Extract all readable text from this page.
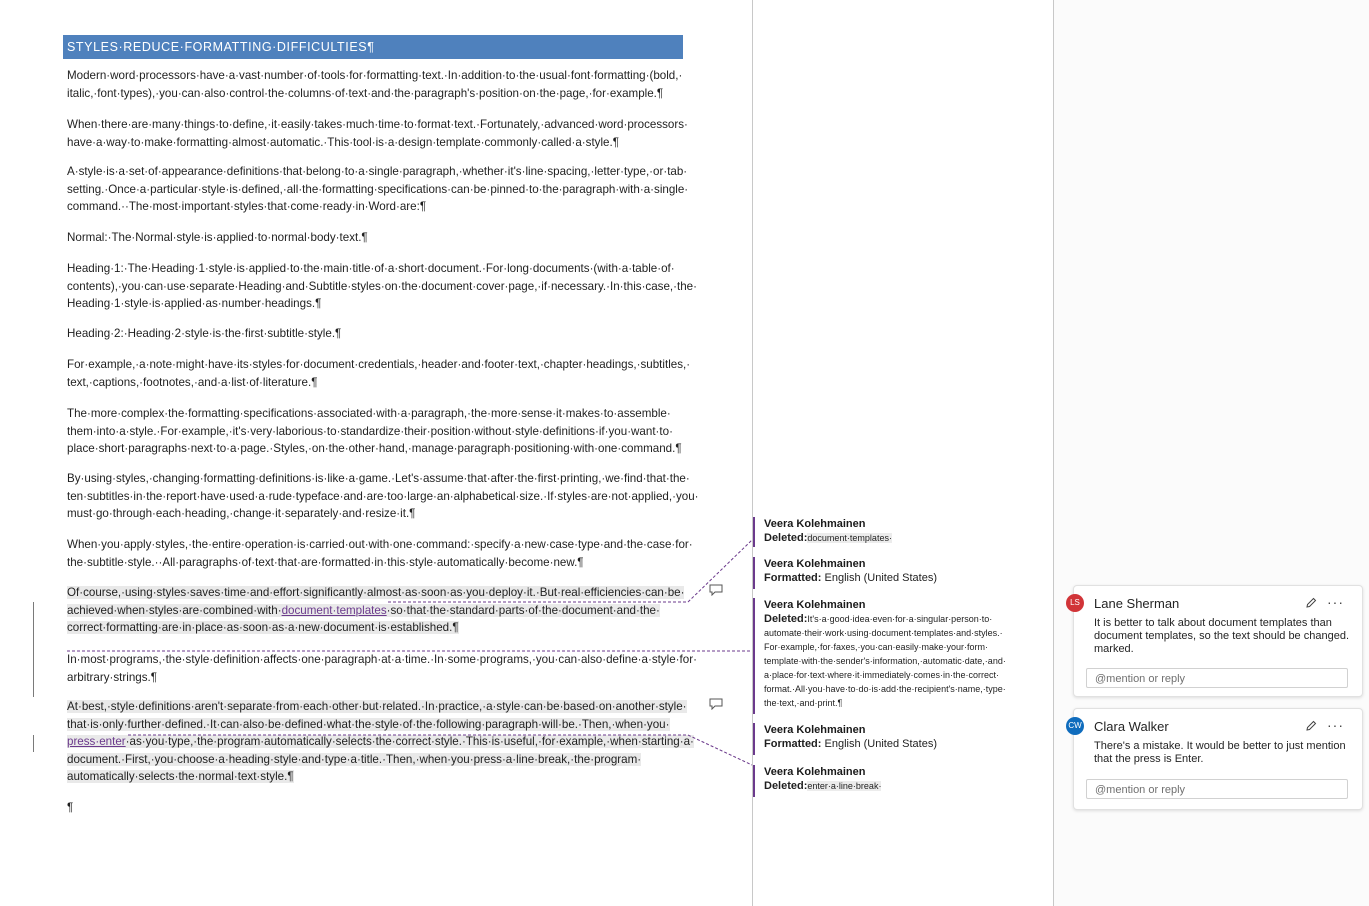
STYLES·REDUCE·FORMATTING·DIFFICULTIES¶
Modern·word·processors·have·a·vast·number·of·tools·for·formatting·text.·In·addition·to·the·usual·font·formatting·(bold,·
italic,·font·types),·you·can·also·control·the·columns·of·text·and·the·paragraph's·position·on·the·page,·for·example.¶
When·there·are·many·things·to·define,·it·easily·takes·much·time·to·format·text.·Fortunately,·advanced·word·processors·
have·a·way·to·make·formatting·almost·automatic.·This·tool·is·a·design·template·commonly·called·a·style.¶
A·style·is·a·set·of·appearance·definitions·that·belong·to·a·single·paragraph,·whether·it's·line·spacing,·letter·type,·or·tab·
setting.·Once·a·particular·style·is·defined,·all·the·formatting·specifications·can·be·pinned·to·the·paragraph·with·a·single·
command.··The·most·important·styles·that·come·ready·in·Word·are:¶
Normal:·The·Normal·style·is·applied·to·normal·body·text.¶
Heading·1:·The·Heading·1·style·is·applied·to·the·main·title·of·a·short·document.·For·long·documents·(with·a·table·of·
contents),·you·can·use·separate·Heading·and·Subtitle·styles·on·the·document·cover·page,·if·necessary.·In·this·case,·the·
Heading·1·style·is·applied·as·number·headings.¶
Heading·2:·Heading·2·style·is·the·first·subtitle·style.¶
For·example,·a·note·might·have·its·styles·for·document·credentials,·header·and·footer·text,·chapter·headings,·subtitles,·
text,·captions,·footnotes,·and·a·list·of·literature.¶
The·more·complex·the·formatting·specifications·associated·with·a·paragraph,·the·more·sense·it·makes·to·assemble·
them·into·a·style.·For·example,·it's·very·laborious·to·standardize·their·position·without·style·definitions·if·you·want·to·
place·short·paragraphs·next·to·a·page.·Styles,·on·the·other·hand,·manage·paragraph·positioning·with·one·command.¶
By·using·styles,·changing·formatting·definitions·is·like·a·game.·Let's·assume·that·after·the·first·printing,·we·find·that·the·
ten·subtitles·in·the·report·have·used·a·rude·typeface·and·are·too·large·an·alphabetical·size.·If·styles·are·not·applied,·you·
must·go·through·each·heading,·change·it·separately·and·resize·it.¶
When·you·apply·styles,·the·entire·operation·is·carried·out·with·one·command:·specify·a·new·case·type·and·the·case·for·
the·subtitle·style.··All·paragraphs·of·text·that·are·formatted·in·this·style·automatically·become·new.¶
Of·course,·using·styles·saves·time·and·effort·significantly·almost·as·soon·as·you·deploy·it.·But·real·efficiencies·can·be·
achieved·when·styles·are·combined·with·document·templates·so·that·the·standard·parts·of·the·document·and·the·
correct·formatting·are·in·place·as·soon·as·a·new·document·is·established.¶
In·most·programs,·the·style·definition·affects·one·paragraph·at·a·time.·In·some·programs,·you·can·also·define·a·style·for·
arbitrary·strings.¶
At·best,·style·definitions·aren't·separate·from·each·other·but·related.·In·practice,·a·style·can·be·based·on·another·style·
that·is·only·further·defined.·It·can·also·be·defined·what·the·style·of·the·following·paragraph·will·be.·Then,·when·you·
press·enter·as·you·type,·the·program·automatically·selects·the·correct·style.·This·is·useful,·for·example,·when·starting·a·
document.·First,·you·choose·a·heading·style·and·type·a·title.·Then,·when·you·press·a·line·break,·the·program·
automatically·selects·the·normal·text·style.¶
¶
Veera Kolehmainen
Deleted:document·templates·
Veera Kolehmainen
Formatted: English (United States)
Veera Kolehmainen
Deleted:It's·a·good·idea·even·for·a·singular·person·to·
automate·their·work·using·document·templates·and·styles.·
For·example,·for·faxes,·you·can·easily·make·your·form·
template·with·the·sender's·information,·automatic·date,·and·
a·place·for·text·where·it·immediately·comes·in·the·correct·
format.·All·you·have·to·do·is·add·the·recipient's·name,·type·
the·text,·and·print.¶
Veera Kolehmainen
Formatted: English (United States)
Veera Kolehmainen
Deleted:enter·a·line·break·
LS	Lane Sherman	···
It is better to talk about document templates than document templates, so the text should be changed. marked.
@mention or reply
CW Clara Walker	···
There's a mistake. It would be better to just mention that the press is Enter.
@mention or reply
